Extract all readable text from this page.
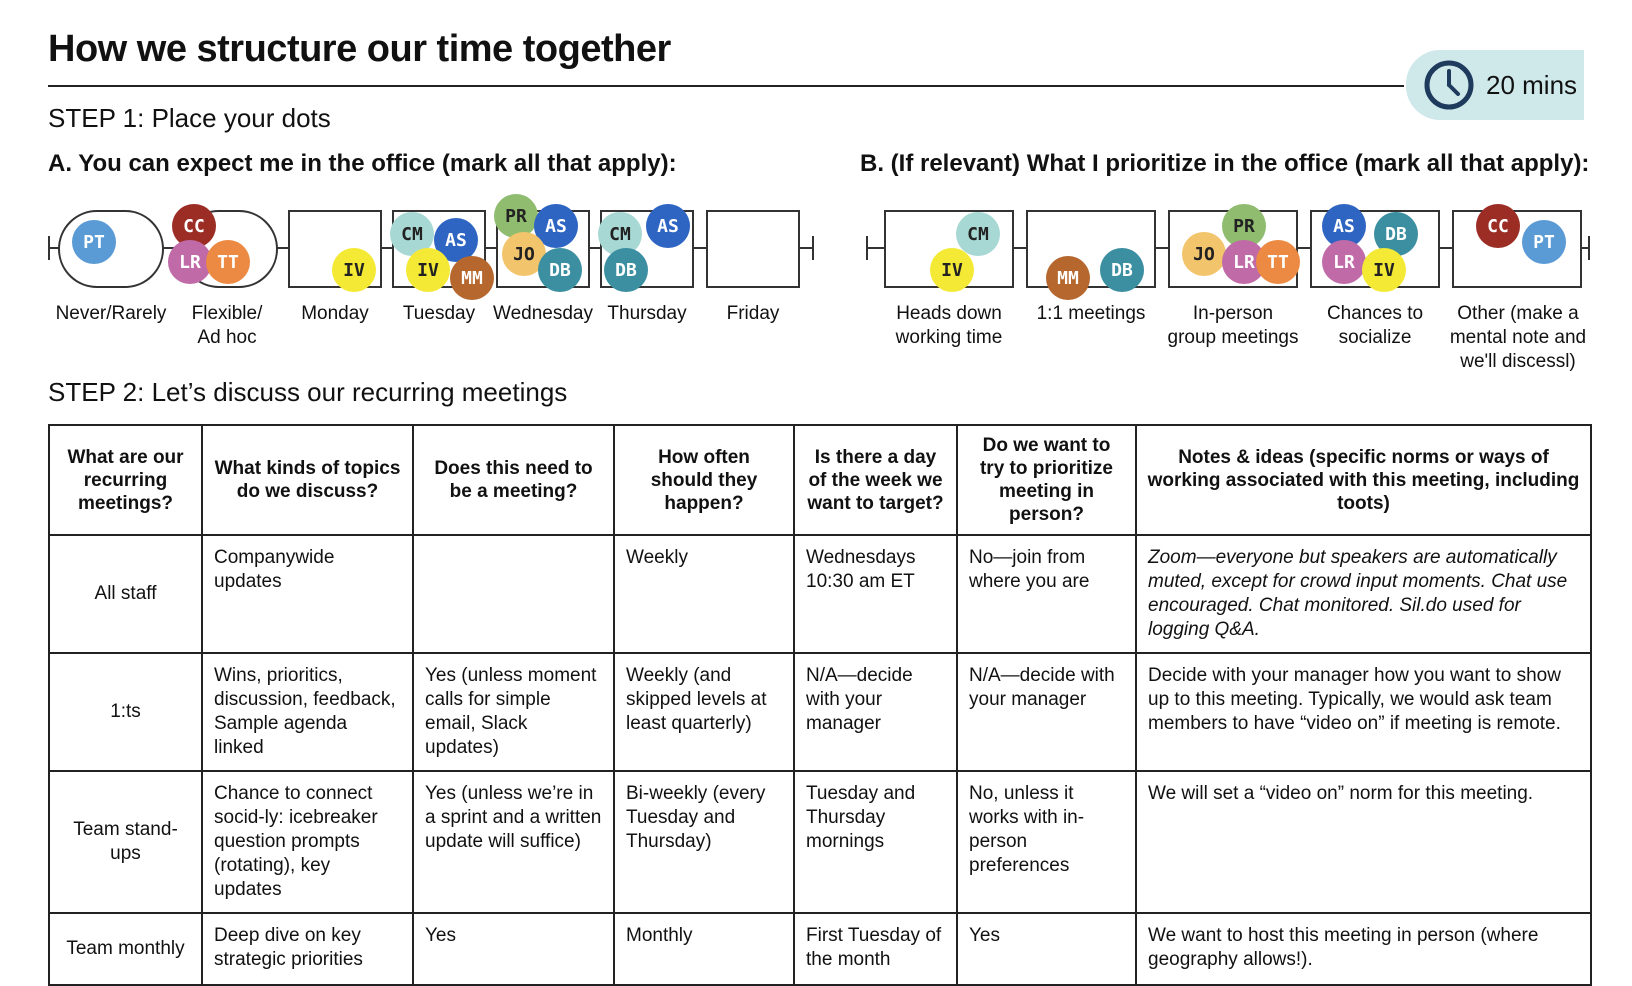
How we structure our time together
20 mins
STEP 1: Place your dots
A. You can expect me in the office (mark all that apply):	B. (If relevant) What I prioritize in the office (mark all that apply):
PT
CC
LR TT	IV
CM	AS
IV	MM
PR	AS
JO
DB
CM	AS
DB
Never/Rarely	Flexible/
Ad hoc
Monday	Tuesday Wednesday Thursday	Friday
CM
IV	MM	DB
PR
JO	LR TT
AS	DB
LR	IV
CC
PT
Heads down
working time
1:1 meetings	In-person
group meetings
Chances to
socialize
Other (make a
mental note and
we'll discessl)
STEP 2: Let’s discuss our recurring meetings
What are our recurring meetings?	What kinds of topics do we discuss?	Does this need to be a meeting?	How often should they happen?	Is there a day of the week we want to target?	Do we want to try to prioritize meeting in person?	Notes & ideas (specific norms or ways of working associated with this meeting, including toots)
All staff	Companywide updates		Weekly	Wednesdays 10:30 am ET	No—join from where you are	Zoom—everyone but speakers are automatically muted, except for crowd input moments. Chat use encouraged. Chat monitored. Sil.do used for logging Q&A.
1:ts	Wins, prioritics, discussion, feedback, Sample agenda linked	Yes (unless moment calls for simple email, Slack updates)	Weekly (and skipped levels at least quarterly)	N/A—decide with your manager	N/A—decide with your manager	Decide with your manager how you want to show up to this meeting. Typically, we would ask team members to have “video on” if meeting is remote.
Team stand-ups	Chance to connect socid-ly: icebreaker question prompts (rotating), key updates	Yes (unless we’re in a sprint and a written update will suffice)	Bi-weekly (every Tuesday and Thursday)	Tuesday and Thursday mornings	No, unless it works with in-person preferences	We will set a “video on” norm for this meeting.
Team monthly	Deep dive on key strategic priorities	Yes	Monthly	First Tuesday of the month	Yes	We want to host this meeting in person (where geography allows!).
